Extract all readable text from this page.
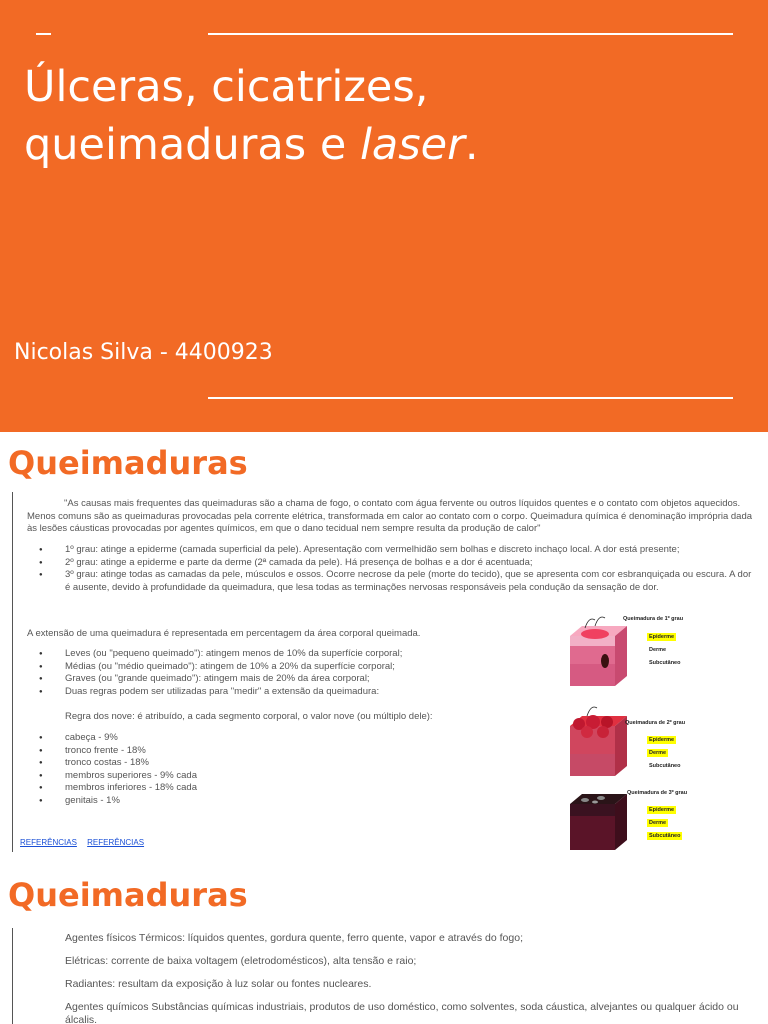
Úlceras, cicatrizes,
queimaduras e laser.
Nicolas Silva - 4400923
Queimaduras

"As causas mais frequentes das queimaduras são a chama de fogo, o contato com água fervente ou outros líquidos quentes e o contato com objetos aquecidos. Menos comuns são as queimaduras provocadas pela corrente elétrica, transformada em calor ao contato com o corpo. Queimadura química é denominação imprópria dada às lesões cáusticas provocadas por agentes químicos, em que o dano tecidual nem sempre resulta da produção de calor"

● 1º grau: atinge a epiderme (camada superficial da pele). Apresentação com vermelhidão sem bolhas e discreto inchaço local. A dor está presente;
● 2º grau: atinge a epiderme e parte da derme (2ª camada da pele). Há presença de bolhas e a dor é acentuada;
● 3º grau: atinge todas as camadas da pele, músculos e ossos. Ocorre necrose da pele (morte do tecido), que se apresenta com cor esbranquiçada ou escura. A dor é ausente, devido à profundidade da queimadura, que lesa todas as terminações nervosas responsáveis pela condução da sensação de dor.

A extensão de uma queimadura é representada em percentagem da área corporal queimada.

● Leves (ou "pequeno queimado"): atingem menos de 10% da superfície corporal;
● Médias (ou "médio queimado"): atingem de 10% a 20% da superfície corporal;
● Graves (ou "grande queimado"): atingem mais de 20% da área corporal;
● Duas regras podem ser utilizadas para "medir" a extensão da queimadura:

Regra dos nove: é atribuído, a cada segmento corporal, o valor nove (ou múltiplo dele):

● cabeça - 9%
● tronco frente - 18%
● tronco costas - 18%
● membros superiores - 9% cada
● membros inferiores - 18% cada
● genitais - 1%
REFERÊNCIAS REFERÊNCIAS
Queimadura de 1º grau
Epiderme
Derme
Subcutâneo
Queimadura de 2º grau
Epiderme
Derme
Subcutâneo
Queimadura de 3º grau
Epiderme
Derme
Subcutâneo
Queimaduras

Agentes físicos Térmicos: líquidos quentes, gordura quente, ferro quente, vapor e através do fogo;

Elétricas: corrente de baixa voltagem (eletrodomésticos), alta tensão e raio;

Radiantes: resultam da exposição à luz solar ou fontes nucleares.

Agentes químicos Substâncias químicas industriais, produtos de uso doméstico, como solventes, soda cáustica, alvejantes ou qualquer ácido ou álcalis.
